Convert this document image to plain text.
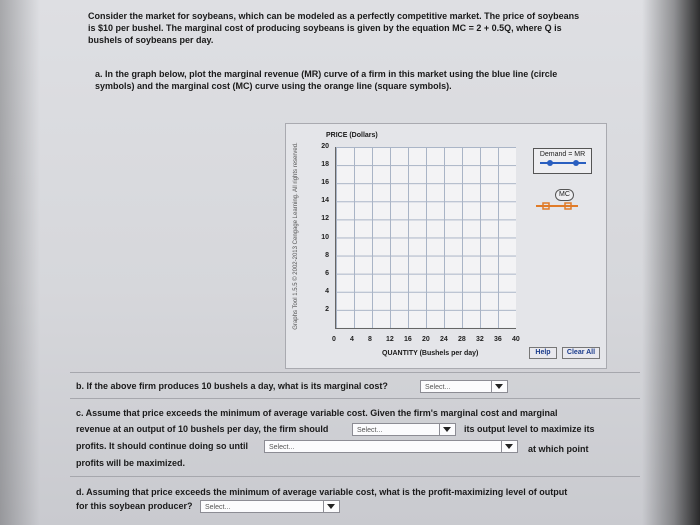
Consider the market for soybeans, which can be modeled as a perfectly competitive market. The price of soybeans
is $10 per bushel. The marginal cost of producing soybeans is given by the equation MC = 2 + 0.5Q, where Q is
bushels of soybeans per day.
a. In the graph below, plot the marginal revenue (MR) curve of a firm in this market using the blue line (circle
symbols) and the marginal cost (MC) curve using the orange line (square symbols).
Graphs Tool 1.5.5 © 2002-2013 Cengage Learning. All rights reserved.
PRICE (Dollars)
20
18
16
14
12
10
8
6
4
2
0 4 8 12 16 20 24 28 32 36 40
QUANTITY (Bushels per day)
Demand = MR
MC
Help	Clear All
b. If the above firm produces 10 bushels a day, what is its marginal cost?	Select...
c. Assume that price exceeds the minimum of average variable cost. Given the firm's marginal cost and marginal
revenue at an output of 10 bushels per day, the firm should	Select...	its output level to maximize its
profits. It should continue doing so until	Select...	at which point
profits will be maximized.
d. Assuming that price exceeds the minimum of average variable cost, what is the profit-maximizing level of output
for this soybean producer?	Select...
